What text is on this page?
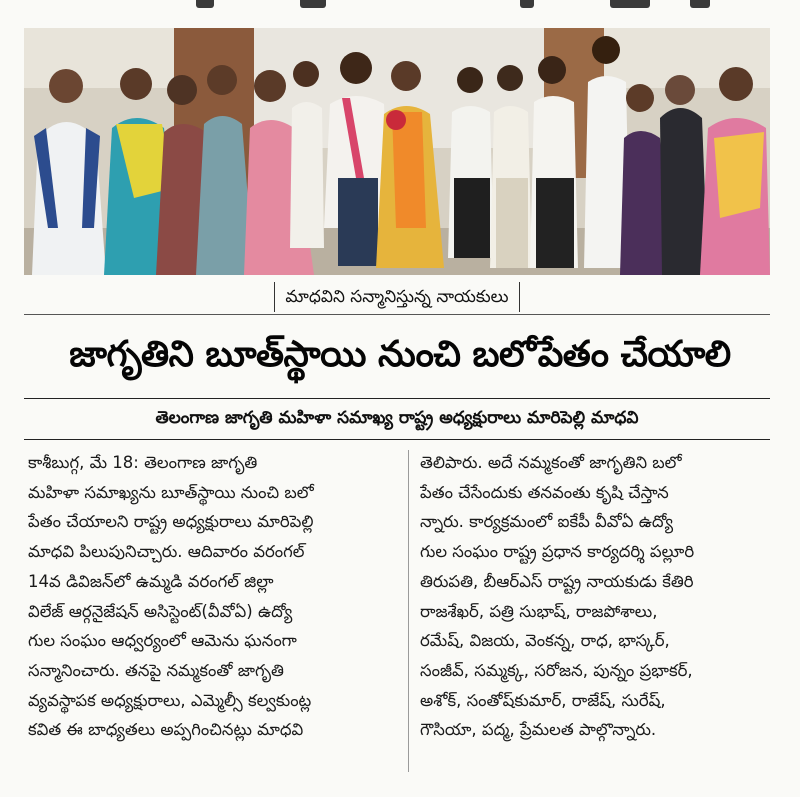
మాధవిని సన్మానిస్తున్న నాయకులు
జాగృతిని బూత్‌స్థాయి నుంచి బలోపేతం చేయాలి
తెలంగాణ జాగృతి మహిళా సమాఖ్య రాష్ట్ర అధ్యక్షురాలు మారిపెల్లి మాధవి
కాశీబుగ్గ, మే 18: తెలంగాణ జాగృతి
మహిళా సమాఖ్యను బూత్‌స్థాయి నుంచి బలో
పేతం చేయాలని రాష్ట్ర అధ్యక్షురాలు మారిపెల్లి
మాధవి పిలుపునిచ్చారు. ఆదివారం వరంగల్
14వ డివిజన్‌లో ఉమ్మడి వరంగల్ జిల్లా
విలేజ్ ఆర్గనైజేషన్ అసిస్టెంట్(వీవోఏ) ఉద్యో
గుల సంఘం ఆధ్వర్యంలో ఆమెను ఘనంగా
సన్మానించారు. తనపై నమ్మకంతో జాగృతి
వ్యవస్థాపక అధ్యక్షురాలు, ఎమ్మెల్సీ కల్వకుంట్ల
కవిత ఈ బాధ్యతలు అప్పగించినట్లు మాధవి
తెలిపారు. అదే నమ్మకంతో జాగృతిని బలో
పేతం చేసేందుకు తనవంతు కృషి చేస్తాన
న్నారు. కార్యక్రమంలో ఐకేపీ వీవోఏ ఉద్యో
గుల సంఘం రాష్ట్ర ప్రధాన కార్యదర్శి పల్లూరి
తిరుపతి, బీఆర్ఎస్ రాష్ట్ర నాయకుడు కేతిరి
రాజశేఖర్, పత్రి సుభాష్, రాజపోశాలు,
రమేష్, విజయ, వెంకన్న, రాధ, భాస్కర్,
సంజీవ్, సమ్మక్క, సరోజన, పున్నం ప్రభాకర్,
అశోక్, సంతోష్‌కుమార్, రాజేష్, సురేష్,
గౌసియా, పద్మ, ప్రేమలత పాల్గొన్నారు.
